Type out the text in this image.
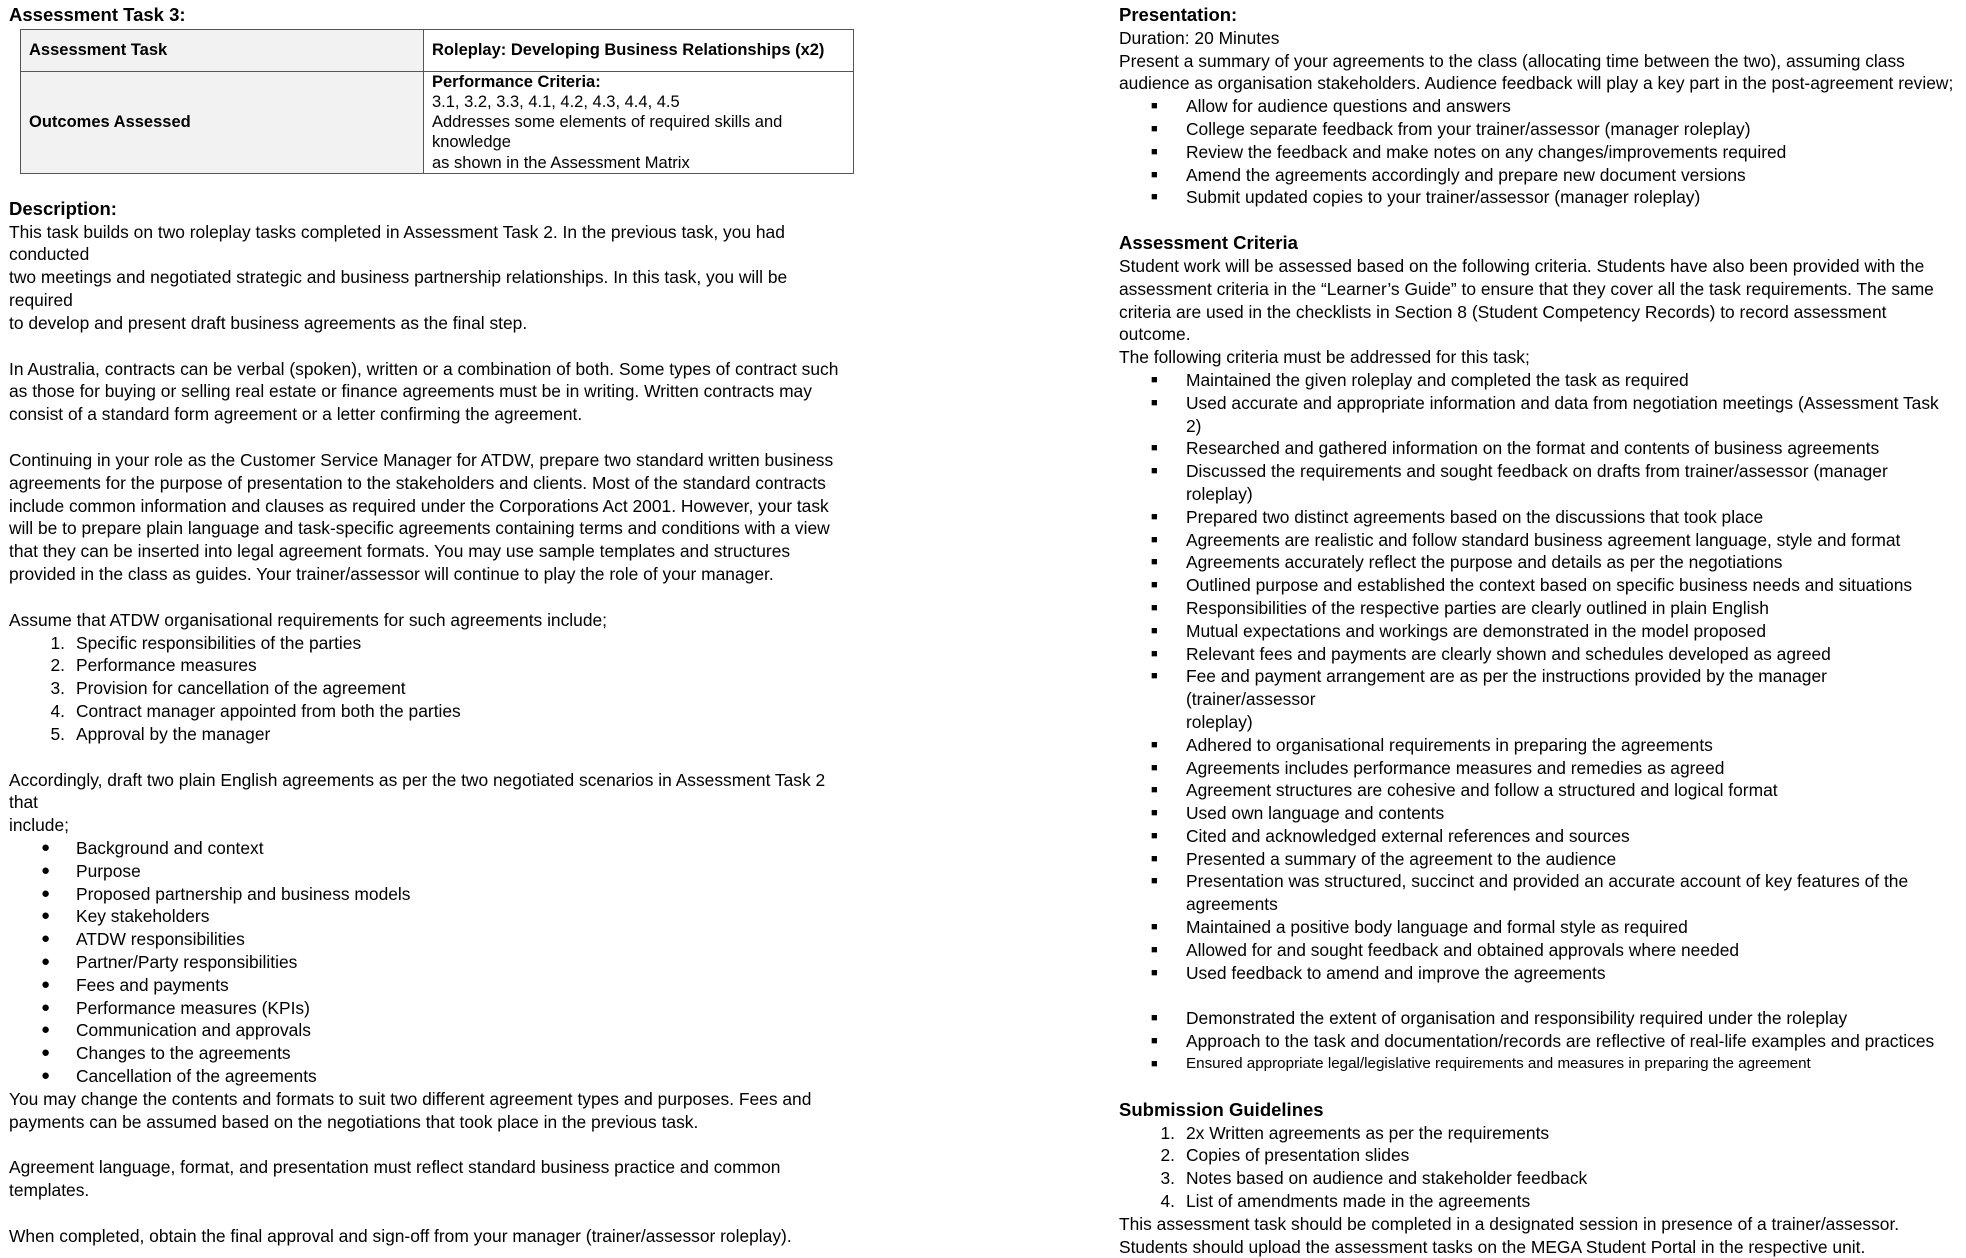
Assessment Task 3:
Assessment Task	Roleplay: Developing Business Relationships (x2)
Outcomes Assessed	Performance Criteria:
3.1, 3.2, 3.3, 4.1, 4.2, 4.3, 4.4, 4.5
Addresses some elements of required skills and knowledge
as shown in the Assessment Matrix
Description:

This task builds on two roleplay tasks completed in Assessment Task 2. In the previous task, you had conducted

two meetings and negotiated strategic and business partnership relationships. In this task, you will be required

to develop and present draft business agreements as the final step.

In Australia, contracts can be verbal (spoken), written or a combination of both. Some types of contract such

as those for buying or selling real estate or finance agreements must be in writing. Written contracts may

consist of a standard form agreement or a letter confirming the agreement.

Continuing in your role as the Customer Service Manager for ATDW, prepare two standard written business

agreements for the purpose of presentation to the stakeholders and clients. Most of the standard contracts

include common information and clauses as required under the Corporations Act 2001. However, your task

will be to prepare plain language and task-specific agreements containing terms and conditions with a view

that they can be inserted into legal agreement formats. You may use sample templates and structures

provided in the class as guides. Your trainer/assessor will continue to play the role of your manager.

Assume that ATDW organisational requirements for such agreements include;

1. Specific responsibilities of the parties
2. Performance measures
3. Provision for cancellation of the agreement
4. Contract manager appointed from both the parties
5. Approval by the manager

Accordingly, draft two plain English agreements as per the two negotiated scenarios in Assessment Task 2 that

include;

● Background and context
● Purpose
● Proposed partnership and business models
● Key stakeholders
● ATDW responsibilities
● Partner/Party responsibilities
● Fees and payments
● Performance measures (KPIs)
● Communication and approvals
● Changes to the agreements
● Cancellation of the agreements

You may change the contents and formats to suit two different agreement types and purposes. Fees and

payments can be assumed based on the negotiations that took place in the previous task.

Agreement language, format, and presentation must reflect standard business practice and common

templates.

When completed, obtain the final approval and sign-off from your manager (trainer/assessor roleplay).

Presentation:

Duration: 20 Minutes

Present a summary of your agreements to the class (allocating time between the two), assuming class

audience as organisation stakeholders. Audience feedback will play a key part in the post-agreement review;

■ Allow for audience questions and answers
■ College separate feedback from your trainer/assessor (manager roleplay)
■ Review the feedback and make notes on any changes/improvements required
■ Amend the agreements accordingly and prepare new document versions
■ Submit updated copies to your trainer/assessor (manager roleplay)
Assessment Criteria

Student work will be assessed based on the following criteria. Students have also been provided with the

assessment criteria in the “Learner’s Guide” to ensure that they cover all the task requirements. The same

criteria are used in the checklists in Section 8 (Student Competency Records) to record assessment outcome.

The following criteria must be addressed for this task;

■ Maintained the given roleplay and completed the task as required
■ Used accurate and appropriate information and data from negotiation meetings (Assessment Task 2)
■ Researched and gathered information on the format and contents of business agreements
■ Discussed the requirements and sought feedback on drafts from trainer/assessor (manager roleplay)
■ Prepared two distinct agreements based on the discussions that took place
■ Agreements are realistic and follow standard business agreement language, style and format
■ Agreements accurately reflect the purpose and details as per the negotiations
■ Outlined purpose and established the context based on specific business needs and situations
■ Responsibilities of the respective parties are clearly outlined in plain English
■ Mutual expectations and workings are demonstrated in the model proposed
■ Relevant fees and payments are clearly shown and schedules developed as agreed
■ Fee and payment arrangement are as per the instructions provided by the manager (trainer/assessor
roleplay)
■ Adhered to organisational requirements in preparing the agreements
■ Agreements includes performance measures and remedies as agreed
■ Agreement structures are cohesive and follow a structured and logical format
■ Used own language and contents
■ Cited and acknowledged external references and sources
■ Presented a summary of the agreement to the audience
■ Presentation was structured, succinct and provided an accurate account of key features of the
agreements
■ Maintained a positive body language and formal style as required
■ Allowed for and sought feedback and obtained approvals where needed
■ Used feedback to amend and improve the agreements
■ Demonstrated the extent of organisation and responsibility required under the roleplay
■ Approach to the task and documentation/records are reflective of real-life examples and practices
■ Ensured appropriate legal/legislative requirements and measures in preparing the agreement
Submission Guidelines
1. 2x Written agreements as per the requirements
2. Copies of presentation slides
3. Notes based on audience and stakeholder feedback
4. List of amendments made in the agreements

This assessment task should be completed in a designated session in presence of a trainer/assessor.

Students should upload the assessment tasks on the MEGA Student Portal in the respective unit.
